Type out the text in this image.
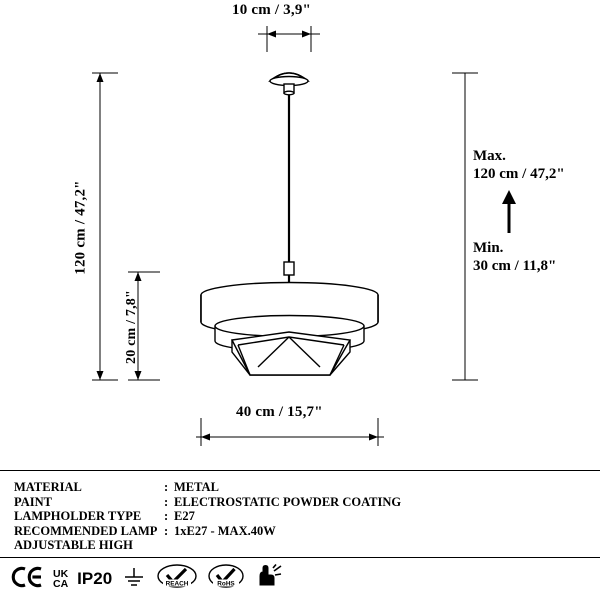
10 cm / 3,9"
120 cm / 47,2"
20 cm / 7,8"
40 cm / 15,7"
Max.
120 cm / 47,2"
Min.
30 cm / 11,8"
MATERIAL	: METAL
PAINT	: ELECTROSTATIC POWDER COATING
LAMPHOLDER TYPE	: E27
RECOMMENDED LAMP : 1xE27 - MAX.40W
ADJUSTABLE HIGH
UK
CA IP20	REACH	RoHS
